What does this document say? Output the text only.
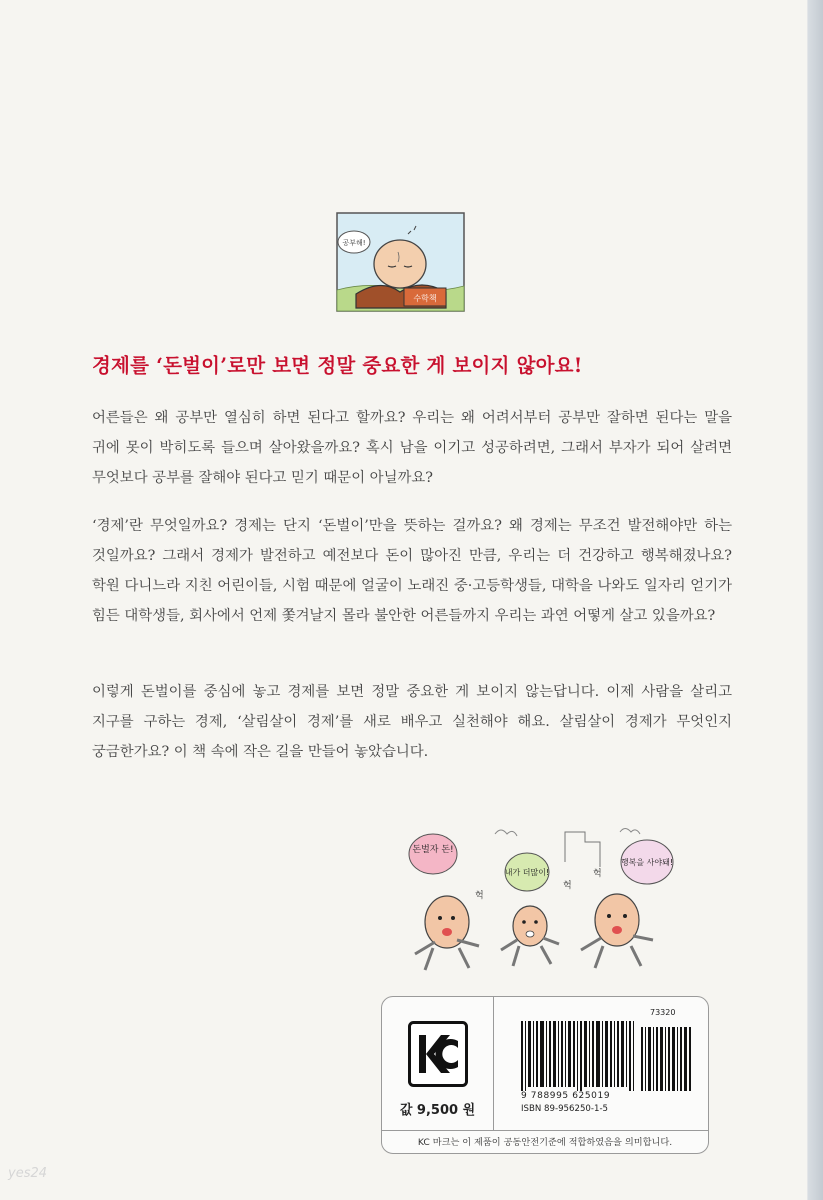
공부해!
수학책
경제를 ‘돈벌이’로만 보면 정말 중요한 게 보이지 않아요!

어른들은 왜 공부만 열심히 하면 된다고 할까요? 우리는 왜 어려서부터 공부만 잘하면 된다는 말을 귀에 못이 박히도록 들으며 살아왔을까요? 혹시 남을 이기고 성공하려면, 그래서 부자가 되어 살려면 무엇보다 공부를 잘해야 된다고 믿기 때문이 아닐까요?

‘경제’란 무엇일까요? 경제는 단지 ‘돈벌이’만을 뜻하는 걸까요? 왜 경제는 무조건 발전해야만 하는 것일까요? 그래서 경제가 발전하고 예전보다 돈이 많아진 만큼, 우리는 더 건강하고 행복해졌나요? 학원 다니느라 지친 어린이들, 시험 때문에 얼굴이 노래진 중·고등학생들, 대학을 나와도 일자리 얻기가 힘든 대학생들, 회사에서 언제 쫓겨날지 몰라 불안한 어른들까지 우리는 과연 어떻게 살고 있을까요?

이렇게 돈벌이를 중심에 놓고 경제를 보면 정말 중요한 게 보이지 않는답니다. 이제 사람을 살리고 지구를 구하는 경제, ‘살림살이 경제’를 새로 배우고 실천해야 해요. 살림살이 경제가 무엇인지 궁금한가요? 이 책 속에 작은 길을 만들어 놓았습니다.

돈벌자 돈!
내가 더많이!
행복을 사야돼!
헉
헉
헉
값 9,500 원
73320
9 788995 625019
ISBN 89-956250-1-5
KC 마크는 이 제품이 공동안전기준에 적합하였음을 의미합니다.
yes24
